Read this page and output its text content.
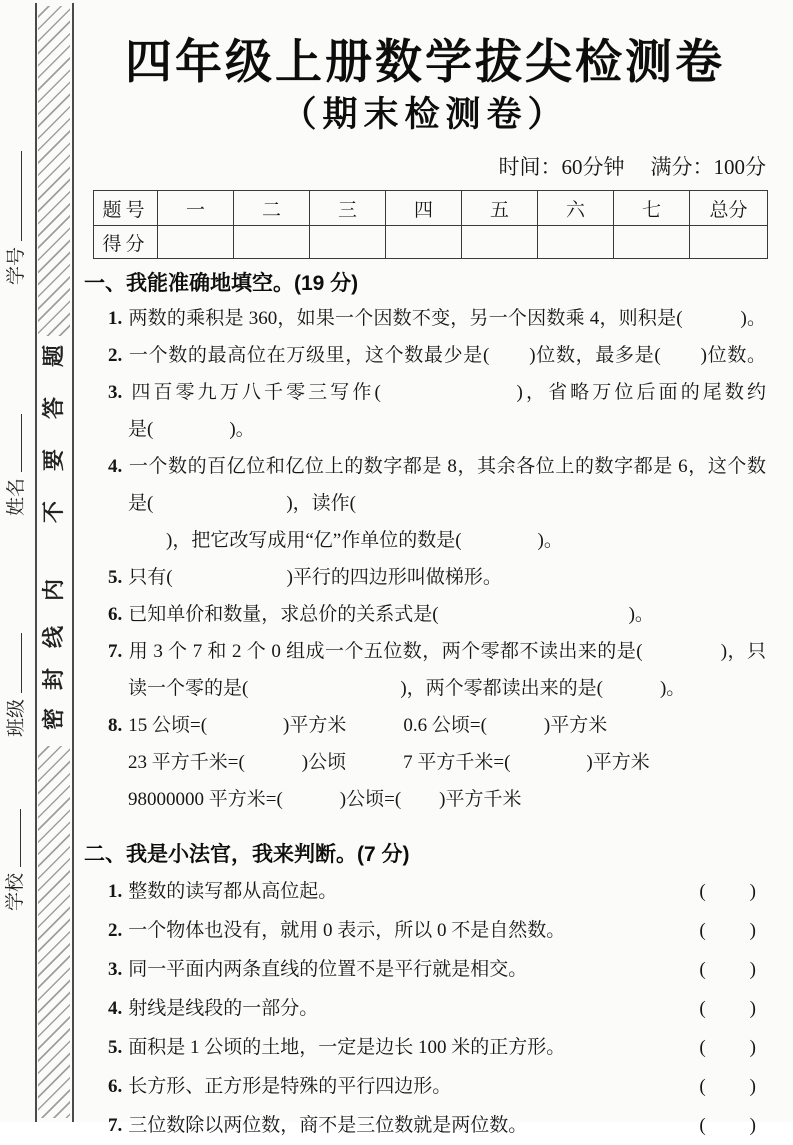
题
答
要
不
内
线
封
密
学号
姓名
班级
学校
四年级上册数学拔尖检测卷
（期末检测卷）
时间：60分钟 满分：100分
题号	一	二	三	四	五	六	七	总分
得分								
一、我能准确地填空。(19 分)
1. 两数的乘积是 360，如果一个因数不变，另一个因数乘 4，则积是(　　　)。
2. 一个数的最高位在万级里，这个数最少是(　　)位数，最多是(　　)位数。
3. 四百零九万八千零三写作(　　　　　　)，省略万位后面的尾数约
是(　　　　)。
4. 一个数的百亿位和亿位上的数字都是 8，其余各位上的数字都是 6，这个数
是(　　　　　　　)，读作(
　　)，把它改写成用“亿”作单位的数是(　　　　)。
5. 只有(　　　　　　)平行的四边形叫做梯形。
6. 已知单价和数量，求总价的关系式是(　　　　　　　　　　)。
7. 用 3 个 7 和 2 个 0 组成一个五位数，两个零都不读出来的是(　　　　)，只
读一个零的是(　　　　　　　　)，两个零都读出来的是(　　　)。
8. 15 公顷=(　　　　)平方米　　　0.6 公顷=(　　　)平方米
23 平方千米=(　　　)公顷　　　7 平方千米=(　　　　)平方米
98000000 平方米=(　　　)公顷=(　　)平方千米
二、我是小法官，我来判断。(7 分)
1. 整数的读写都从高位起。	(　　)
2. 一个物体也没有，就用 0 表示，所以 0 不是自然数。	(　　)
3. 同一平面内两条直线的位置不是平行就是相交。	(　　)
4. 射线是线段的一部分。	(　　)
5. 面积是 1 公顷的土地，一定是边长 100 米的正方形。	(　　)
6. 长方形、正方形是特殊的平行四边形。	(　　)
7. 三位数除以两位数，商不是三位数就是两位数。	(　　)
